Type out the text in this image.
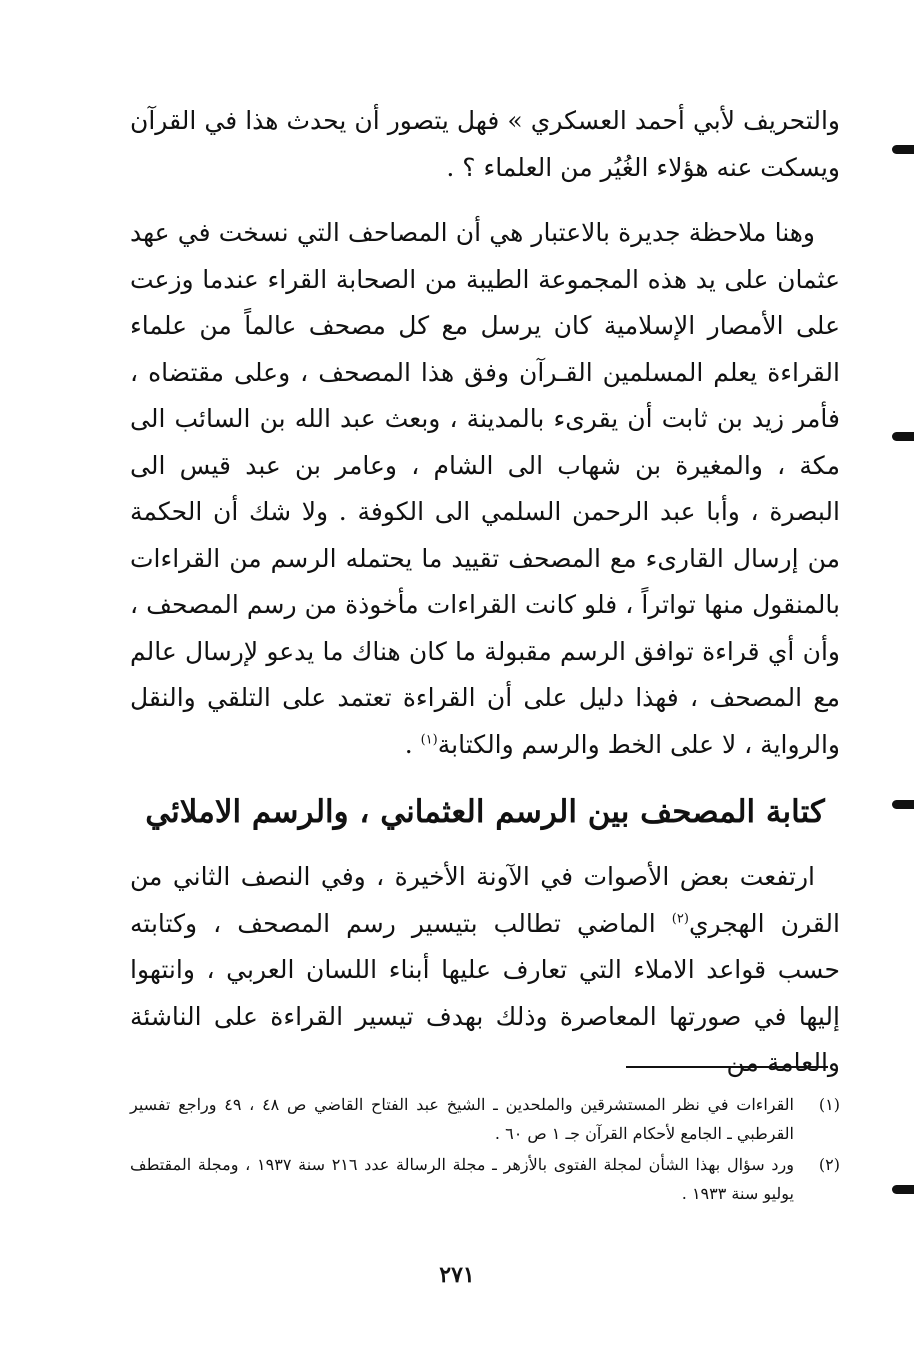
والتحريف لأبي أحمد العسكري » فهل يتصور أن يحدث هذا في القرآن ويسكت عنه هؤلاء الغُيُر من العلماء ؟ .

وهنا ملاحظة جديرة بالاعتبار هي أن المصاحف التي نسخت في عهد عثمان على يد هذه المجموعة الطيبة من الصحابة القراء عندما وزعت على الأمصار الإسلامية كان يرسل مع كل مصحف عالماً من علماء القراءة يعلم المسلمين القـرآن وفق هذا المصحف ، وعلى مقتضاه ، فأمر زيد بن ثابت أن يقرىء بالمدينة ، وبعث عبد الله بن السائب الى مكة ، والمغيرة بن شهاب الى الشام ، وعامر بن عبد قيس الى البصرة ، وأبا عبد الرحمن السلمي الى الكوفة . ولا شك أن الحكمة من إرسال القارىء مع المصحف تقييد ما يحتمله الرسم من القراءات بالمنقول منها تواتراً ، فلو كانت القراءات مأخوذة من رسم المصحف ، وأن أي قراءة توافق الرسم مقبولة ما كان هناك ما يدعو لإرسال عالم مع المصحف ، فهذا دليل على أن القراءة تعتمد على التلقي والنقل والرواية ، لا على الخط والرسم والكتابة$^{(١)}$ .

كتابة المصحف بين الرسم العثماني ، والرسم الاملائي

ارتفعت بعض الأصوات في الآونة الأخيرة ، وفي النصف الثاني من القرن الهجري$^{(٢)}$ الماضي تطالب بتيسير رسم المصحف ، وكتابته حسب قواعد الاملاء التي تعارف عليها أبناء اللسان العربي ، وانتهوا إليها في صورتها المعاصرة وذلك بهدف تيسير القراءة على الناشئة والعامة من

(١)
القراءات في نظر المستشرقين والملحدين ـ الشيخ عبد الفتاح القاضي ص ٤٨ ، ٤٩ وراجع تفسير القرطبي ـ الجامع لأحكام القرآن جـ ١ ص ٦٠ .
(٢)
ورد سؤال بهذا الشأن لمجلة الفتوى بالأزهر ـ مجلة الرسالة عدد ٢١٦ سنة ١٩٣٧ ، ومجلة المقتطف يوليو سنة ١٩٣٣ .
٢٧١
